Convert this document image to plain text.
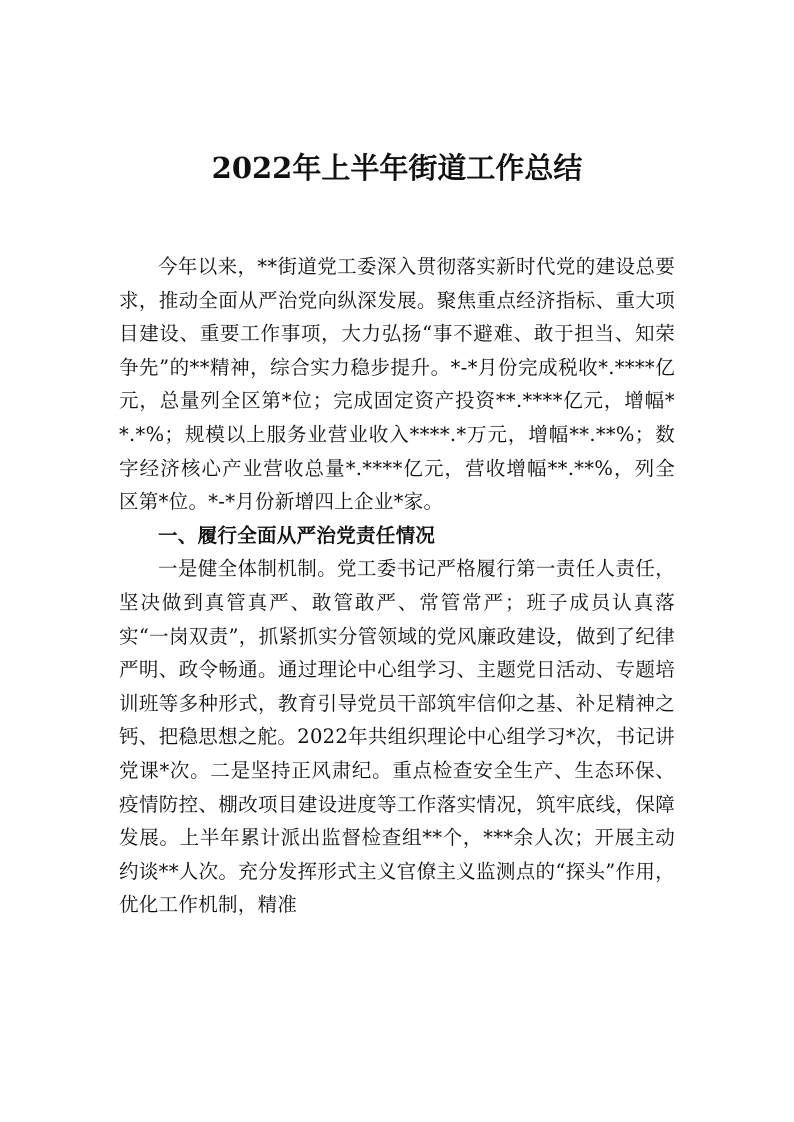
2022年上半年街道工作总结

今年以来，**街道党工委深入贯彻落实新时代党的建设总要求，推动全面从严治党向纵深发展。聚焦重点经济指标、重大项目建设、重要工作事项，大力弘扬“事不避难、敢于担当、知荣争先”的**精神，综合实力稳步提升。*-*月份完成税收*.****亿元，总量列全区第*位；完成固定资产投资**.****亿元，增幅**.*%；规模以上服务业营业收入****.*万元，增幅**.**%；数字经济核心产业营收总量*.****亿元，营收增幅**.**%，列全区第*位。*-*月份新增四上企业*家。

一、履行全面从严治党责任情况

一是健全体制机制。党工委书记严格履行第一责任人责任，坚决做到真管真严、敢管敢严、常管常严；班子成员认真落实“一岗双责”，抓紧抓实分管领域的党风廉政建设，做到了纪律严明、政令畅通。通过理论中心组学习、主题党日活动、专题培训班等多种形式，教育引导党员干部筑牢信仰之基、补足精神之钙、把稳思想之舵。2022年共组织理论中心组学习*次，书记讲党课*次。二是坚持正风肃纪。重点检查安全生产、生态环保、疫情防控、棚改项目建设进度等工作落实情况，筑牢底线，保障发展。上半年累计派出监督检查组**个，***余人次；开展主动约谈**人次。充分发挥形式主义官僚主义监测点的“探头”作用，优化工作机制，精准
